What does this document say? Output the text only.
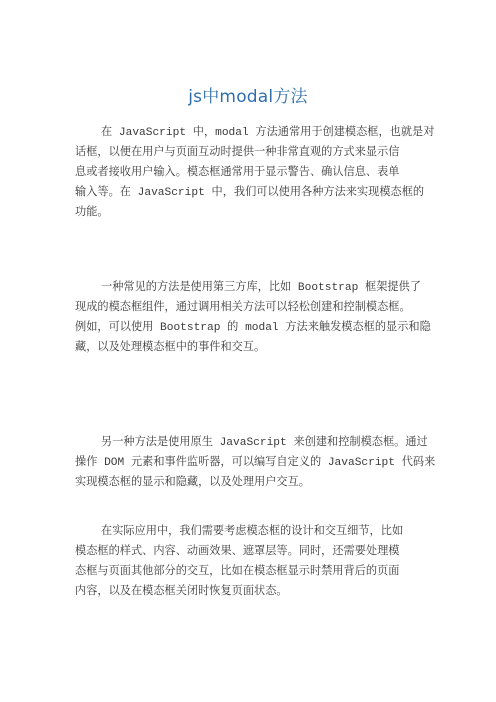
js中modal方法
在 JavaScript 中，modal 方法通常用于创建模态框，也就是对
话框，以便在用户与页面互动时提供一种非常直观的方式来显示信
息或者接收用户输入。模态框通常用于显示警告、确认信息、表单
输入等。在 JavaScript 中，我们可以使用各种方法来实现模态框的
功能。
一种常见的方法是使用第三方库，比如 Bootstrap 框架提供了
现成的模态框组件，通过调用相关方法可以轻松创建和控制模态框。
例如，可以使用 Bootstrap 的 modal 方法来触发模态框的显示和隐
藏，以及处理模态框中的事件和交互。
另一种方法是使用原生 JavaScript 来创建和控制模态框。通过
操作 DOM 元素和事件监听器，可以编写自定义的 JavaScript 代码来
实现模态框的显示和隐藏，以及处理用户交互。
在实际应用中，我们需要考虑模态框的设计和交互细节，比如
模态框的样式、内容、动画效果、遮罩层等。同时，还需要处理模
态框与页面其他部分的交互，比如在模态框显示时禁用背后的页面
内容，以及在模态框关闭时恢复页面状态。
